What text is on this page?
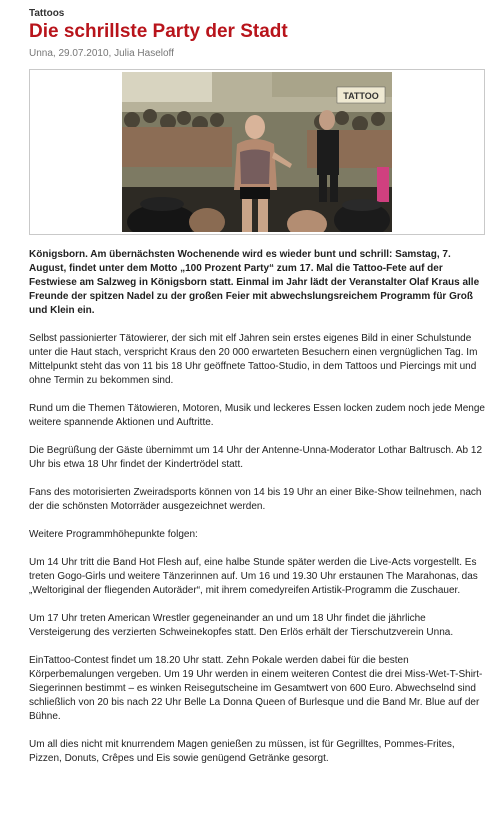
Tattoos
Die schrillste Party der Stadt
Unna, 29.07.2010, Julia Haseloff
TATTOO

Königsborn. Am übernächsten Wochenende wird es wieder bunt und schrill: Samstag, 7. August, findet unter dem Motto „100 Prozent Party“ zum 17. Mal die Tattoo-Fete auf der Festwiese am Salzweg in Königsborn statt. Einmal im Jahr lädt der Veranstalter Olaf Kraus alle Freunde der spitzen Nadel zu der großen Feier mit abwechslungsreichem Programm für Groß und Klein ein.

Selbst passionierter Tätowierer, der sich mit elf Jahren sein erstes eigenes Bild in einer Schulstunde unter die Haut stach, verspricht Kraus den 20 000 erwarteten Besuchern einen vergnüglichen Tag. Im Mittelpunkt steht das von 11 bis 18 Uhr geöffnete Tattoo-Studio, in dem Tattoos und Piercings mit und ohne Termin zu bekommen sind.

Rund um die Themen Tätowieren, Motoren, Musik und leckeres Essen locken zudem noch jede Menge weitere spannende Aktionen und Auftritte.

Die Begrüßung der Gäste übernimmt um 14 Uhr der Antenne-Unna-Moderator Lothar Baltrusch. Ab 12 Uhr bis etwa 18 Uhr findet der Kindertrödel statt.

Fans des motorisierten Zweiradsports können von 14 bis 19 Uhr an einer Bike-Show teilnehmen, nach der die schönsten Motorräder ausgezeichnet werden.

Weitere Programmhöhepunkte folgen:

Um 14 Uhr tritt die Band Hot Flesh auf, eine halbe Stunde später werden die Live-Acts vorgestellt. Es treten Gogo-Girls und weitere Tänzerinnen auf. Um 16 und 19.30 Uhr erstaunen The Marahonas, das „Weltoriginal der fliegenden Autoräder“, mit ihrem comedyreifen Artistik-Programm die Zuschauer.

Um 17 Uhr treten American Wrestler gegeneinander an und um 18 Uhr findet die jährliche Versteigerung des verzierten Schweinekopfes statt. Den Erlös erhält der Tierschutzverein Unna.

EinTattoo-Contest findet um 18.20 Uhr statt. Zehn Pokale werden dabei für die besten Körperbemalungen vergeben. Um 19 Uhr werden in einem weiteren Contest die drei Miss-Wet-T-Shirt-Siegerinnen bestimmt – es winken Reisegutscheine im Gesamtwert von 600 Euro. Abwechselnd sind schließlich von 20 bis nach 22 Uhr Belle La Donna Queen of Burlesque und die Band Mr. Blue auf der Bühne.

Um all dies nicht mit knurrendem Magen genießen zu müssen, ist für Gegrilltes, Pommes-Frites, Pizzen, Donuts, Crêpes und Eis sowie genügend Getränke gesorgt.
